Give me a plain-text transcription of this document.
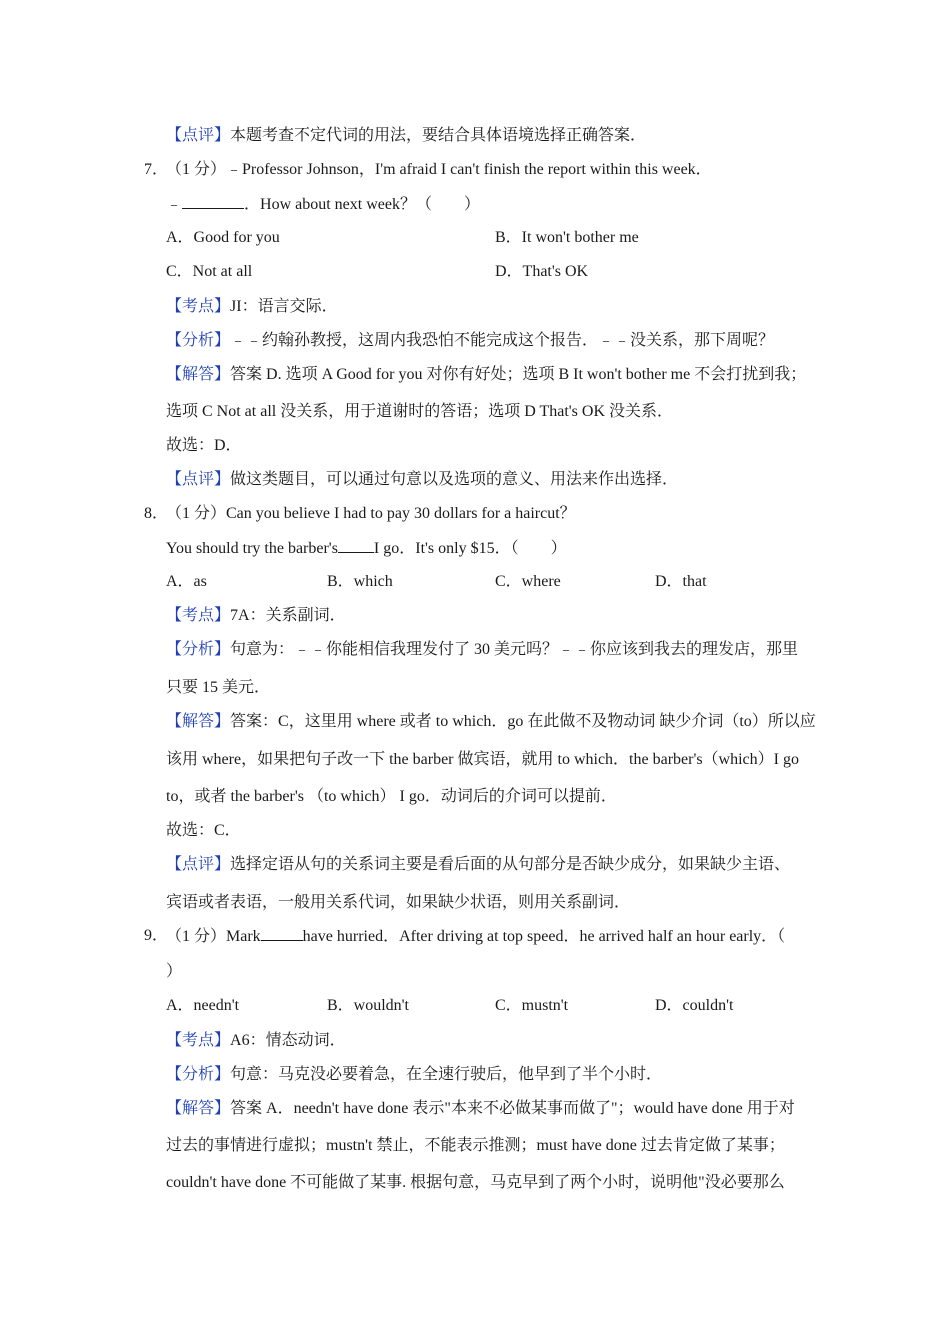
【点评】本题考查不定代词的用法，要结合具体语境选择正确答案．
7．
（1 分）﹣Professor Johnson，I'm afraid I can't finish the report within this week．
﹣	．How about next week？（　　）
A．Good for you	B．It won't bother me
C．Not at all	D．That's OK
【考点】JI：语言交际．
【分析】﹣﹣约翰孙教授，这周内我恐怕不能完成这个报告．﹣﹣没关系，那下周呢？
【解答】答案 D. 选项 A Good for you 对你有好处；选项 B It won't bother me 不会打扰到我；
选项 C Not at all 没关系，用于道谢时的答语；选项 D That's OK 没关系．
故选：D．
【点评】做这类题目，可以通过句意以及选项的意义、用法来作出选择．
8．
（1 分）Can you believe I had to pay 30 dollars for a haircut？
You should try the barber's I go．It's only $15．（　　）
A．as	B．which	C．where	D．that
【考点】7A：关系副词．
【分析】句意为：﹣﹣你能相信我理发付了 30 美元吗？﹣﹣你应该到我去的理发店，那里
只要 15 美元．
【解答】答案：C，这里用 where 或者 to which．go 在此做不及物动词 缺少介词（to）所以应
该用 where，如果把句子改一下 the barber 做宾语，就用 to which．the barber's（which）I go
to，或者 the barber's （to which） I go．动词后的介词可以提前．
故选：C．
【点评】选择定语从句的关系词主要是看后面的从句部分是否缺少成分，如果缺少主语、
宾语或者表语，一般用关系代词，如果缺少状语，则用关系副词．
9．
（1 分）Mark	have hurried．After driving at top speed．he arrived half an hour early．（
）
A．needn't	B．wouldn't	C．mustn't	D．couldn't
【考点】A6：情态动词．
【分析】句意：马克没必要着急，在全速行驶后，他早到了半个小时．
【解答】答案 A．needn't have done 表示"本来不必做某事而做了"；would have done 用于对
过去的事情进行虚拟；mustn't 禁止，不能表示推测；must have done 过去肯定做了某事；
couldn't have done 不可能做了某事. 根据句意，马克早到了两个小时，说明他"没必要那么
